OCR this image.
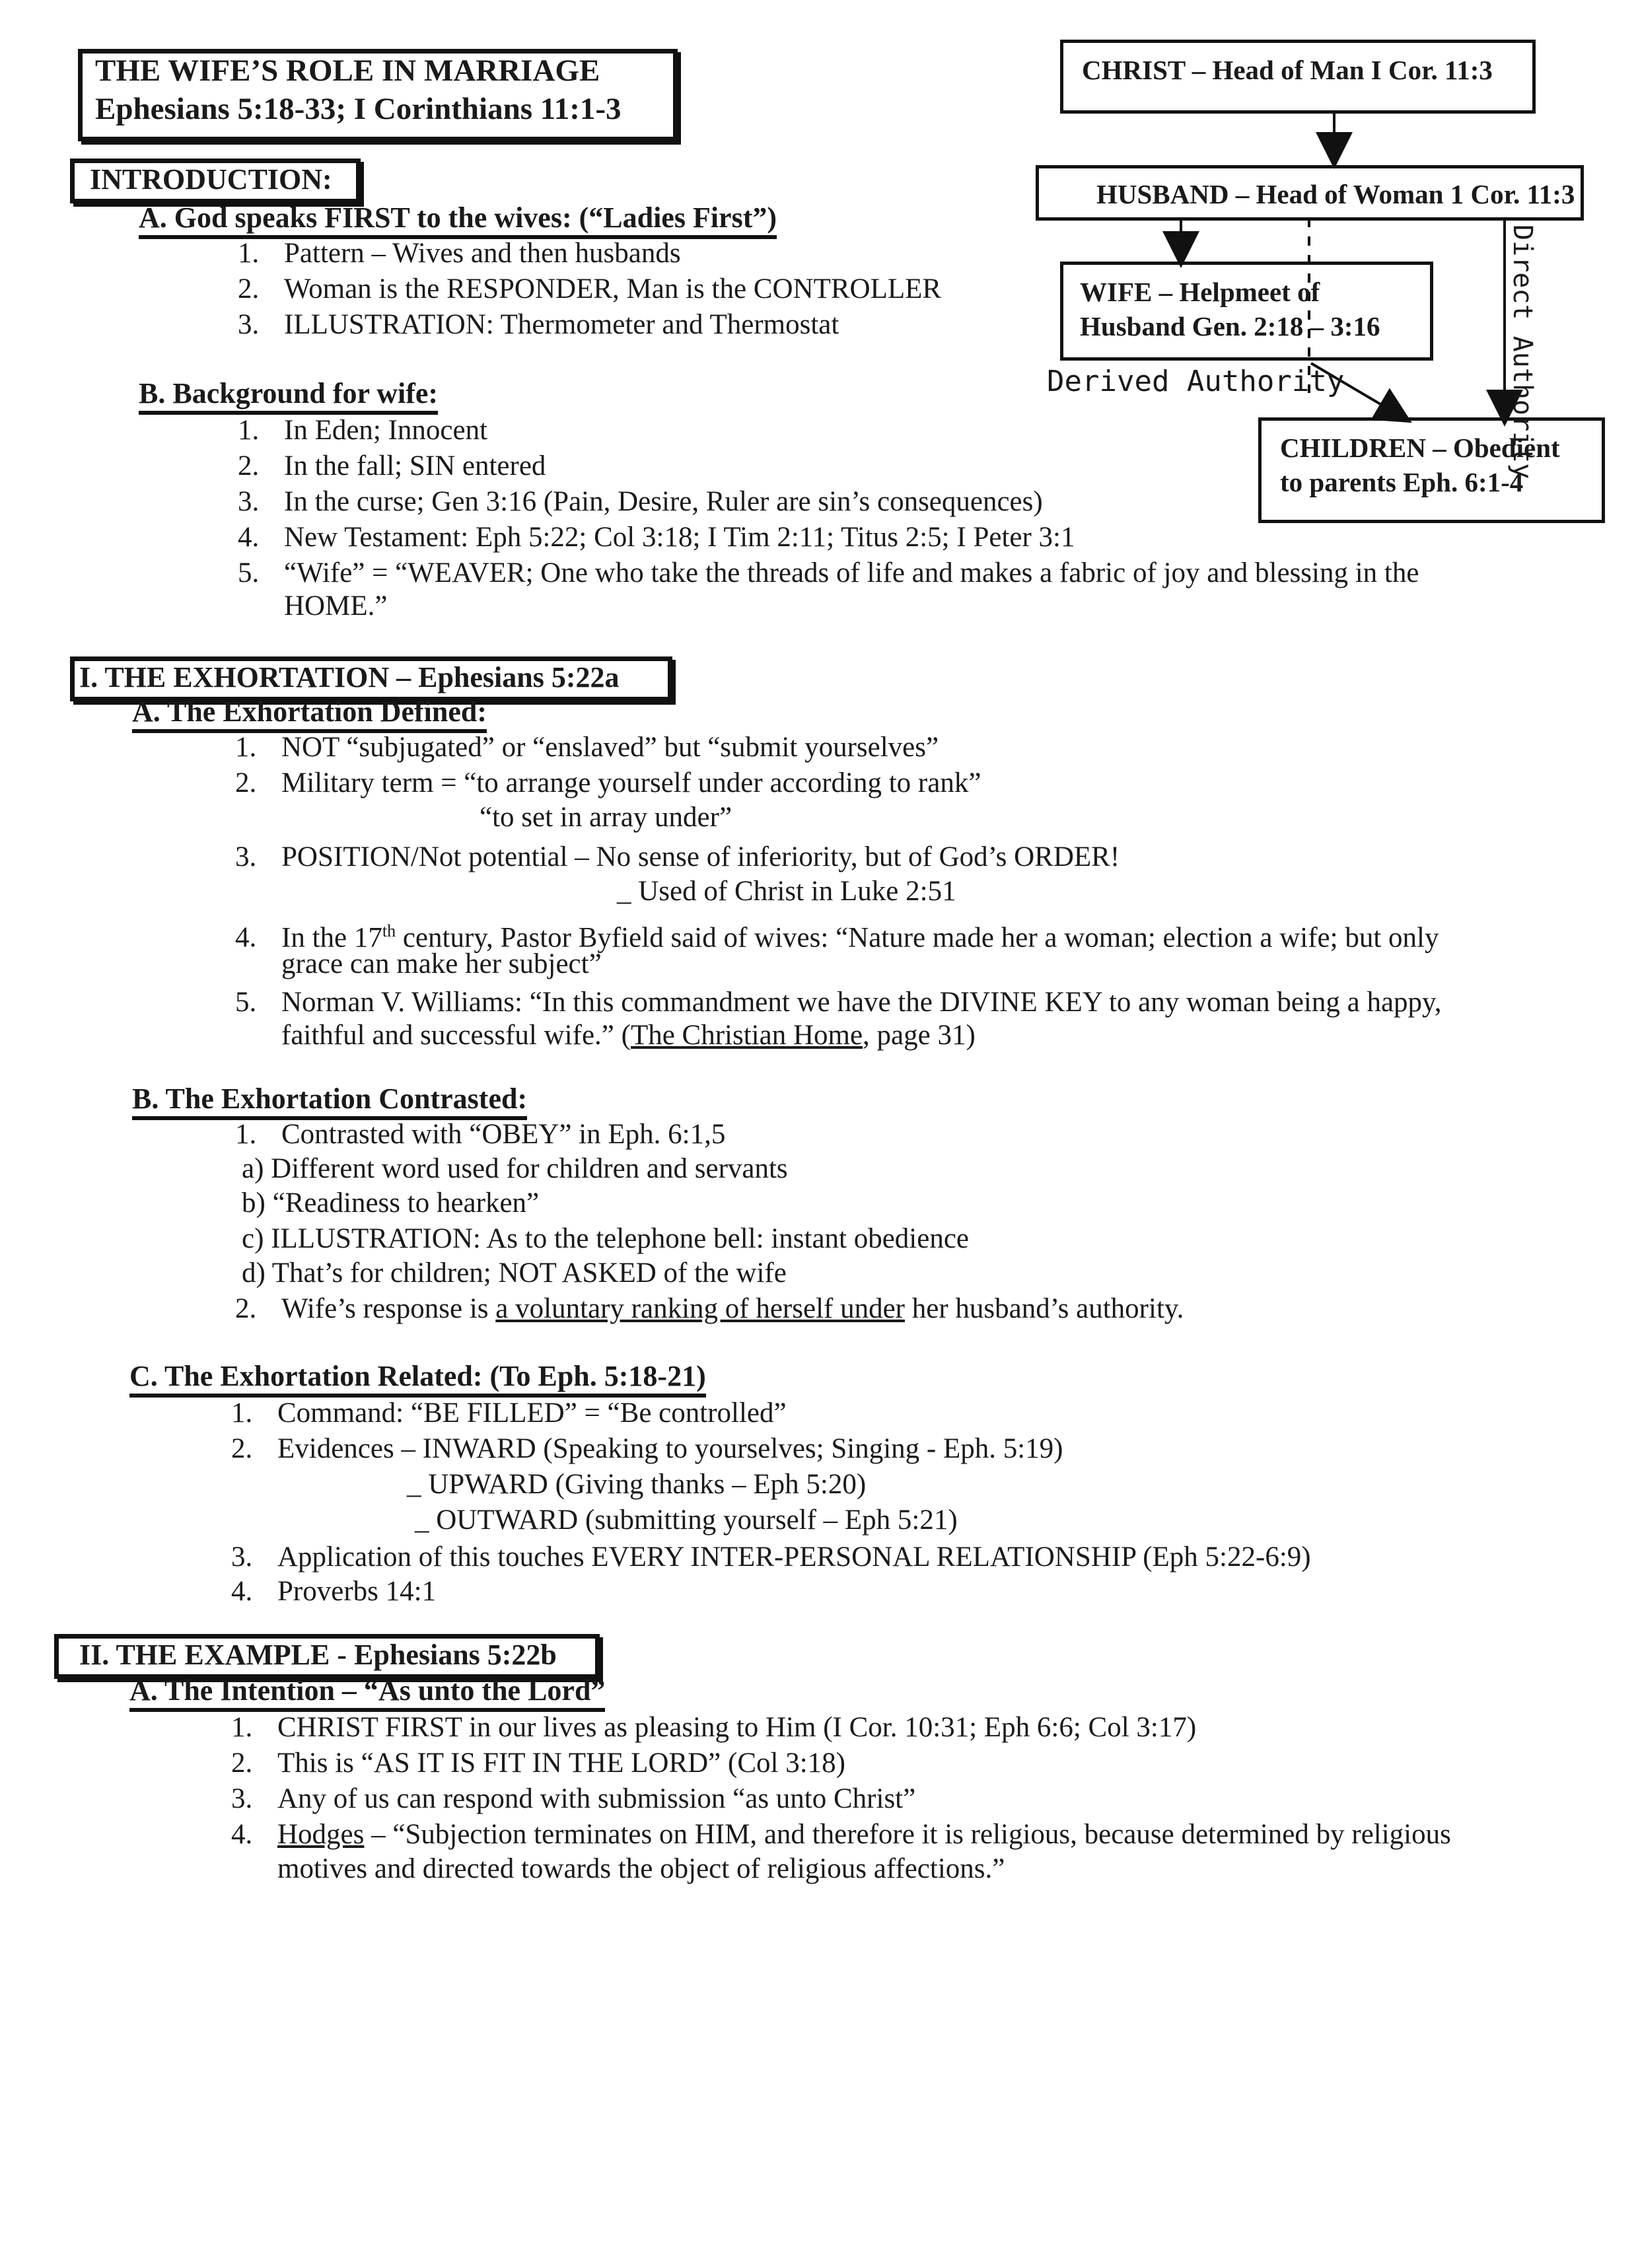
THE WIFE’S ROLE IN MARRIAGE
Ephesians 5:18-33; I Corinthians 11:1-3
CHRIST – Head of Man I Cor. 11:3
HUSBAND – Head of Woman 1 Cor. 11:3
WIFE – Helpmeet of
Husband Gen. 2:18 – 3:16
CHILDREN – Obedient
to parents Eph. 6:1-4
Derived Authority	Direct Authority
INTRODUCTION:
A. God speaks FIRST to the wives: (“Ladies First”)
1. Pattern – Wives and then husbands
2. Woman is the RESPONDER, Man is the CONTROLLER
3. ILLUSTRATION: Thermometer and Thermostat
B. Background for wife:
1. In Eden; Innocent
2. In the fall; SIN entered
3. In the curse; Gen 3:16 (Pain, Desire, Ruler are sin’s consequences)
4. New Testament: Eph 5:22; Col 3:18; I Tim 2:11; Titus 2:5; I Peter 3:1
5. “Wife” = “WEAVER; One who take the threads of life and makes a fabric of joy and blessing in the
HOME.”
I. THE EXHORTATION – Ephesians 5:22a
A. The Exhortation Defined:
1. NOT “subjugated” or “enslaved” but “submit yourselves”
2. Military term = “to arrange yourself under according to rank”
“to set in array under”
3. POSITION/Not potential – No sense of inferiority, but of God’s ORDER!
_ Used of Christ in Luke 2:51
4. In the 17th century, Pastor Byfield said of wives: “Nature made her a woman; election a wife; but only
grace can make her subject”
5. Norman V. Williams: “In this commandment we have the DIVINE KEY to any woman being a happy,
faithful and successful wife.” (The Christian Home, page 31)
B. The Exhortation Contrasted:
1. Contrasted with “OBEY” in Eph. 6:1,5
a) Different word used for children and servants
b) “Readiness to hearken”
c) ILLUSTRATION: As to the telephone bell: instant obedience
d) That’s for children; NOT ASKED of the wife
2. Wife’s response is a voluntary ranking of herself under her husband’s authority.
C. The Exhortation Related: (To Eph. 5:18-21)
1. Command: “BE FILLED” = “Be controlled”
2. Evidences – INWARD (Speaking to yourselves; Singing - Eph. 5:19)
_ UPWARD (Giving thanks – Eph 5:20)
_ OUTWARD (submitting yourself – Eph 5:21)
3. Application of this touches EVERY INTER-PERSONAL RELATIONSHIP (Eph 5:22-6:9)
4. Proverbs 14:1
II. THE EXAMPLE - Ephesians 5:22b
A. The Intention – “As unto the Lord”
1. CHRIST FIRST in our lives as pleasing to Him (I Cor. 10:31; Eph 6:6; Col 3:17)
2. This is “AS IT IS FIT IN THE LORD” (Col 3:18)
3. Any of us can respond with submission “as unto Christ”
4. Hodges – “Subjection terminates on HIM, and therefore it is religious, because determined by religious
motives and directed towards the object of religious affections.”
